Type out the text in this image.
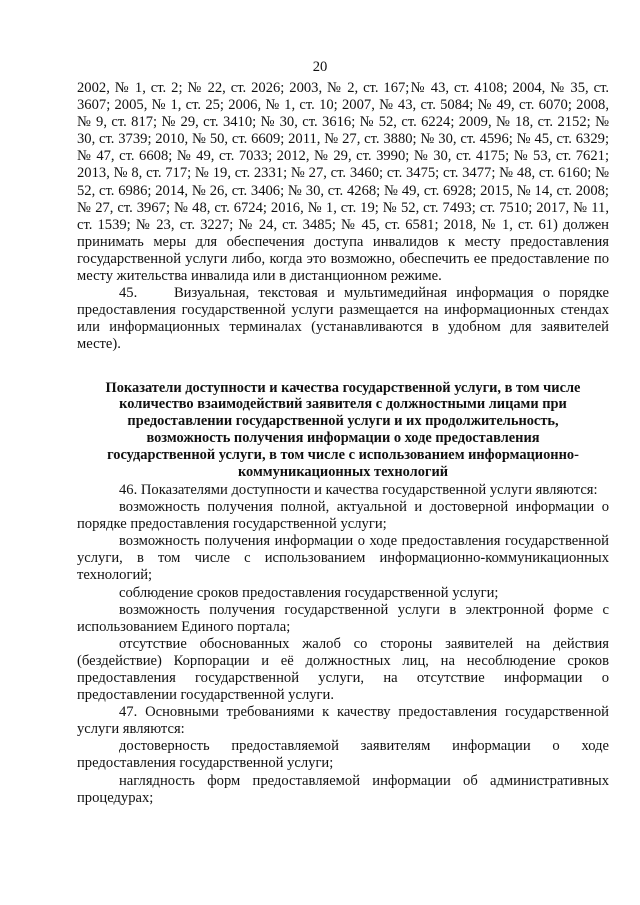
20

2002, № 1, ст. 2; № 22, ст. 2026; 2003, № 2, ст. 167;№ 43, ст. 4108; 2004, № 35, ст. 3607; 2005, № 1, ст. 25; 2006, № 1, ст. 10; 2007, № 43, ст. 5084; № 49, ст. 6070; 2008, № 9, ст. 817; № 29, ст. 3410; № 30, ст. 3616; № 52, ст. 6224; 2009, № 18, ст. 2152; № 30, ст. 3739; 2010, № 50, ст. 6609; 2011, № 27, ст. 3880; № 30, ст. 4596; № 45, ст. 6329; № 47, ст. 6608; № 49, ст. 7033; 2012, № 29, ст. 3990; № 30, ст. 4175; № 53, ст. 7621; 2013, № 8, ст. 717; № 19, ст. 2331; № 27, ст. 3460; ст. 3475; ст. 3477; № 48, ст. 6160; № 52, ст. 6986; 2014, № 26, ст. 3406; № 30, ст. 4268; № 49, ст. 6928; 2015, № 14, ст. 2008; № 27, ст. 3967; № 48, ст. 6724; 2016, № 1, ст. 19; № 52, ст. 7493; ст. 7510; 2017, № 11, ст. 1539; № 23, ст. 3227; № 24, ст. 3485; № 45, ст. 6581; 2018, № 1, ст. 61) должен принимать меры для обеспечения доступа инвалидов к месту предоставления государственной услуги либо, когда это возможно, обеспечить ее предоставление по месту жительства инвалида или в дистанционном режиме.

45.    Визуальная, текстовая и мультимедийная информация о порядке предоставления государственной услуги размещается на информационных стендах или информационных терминалах (устанавливаются в удобном для заявителей месте).

Показатели доступности и качества государственной услуги, в том числе
количество взаимодействий заявителя с должностными лицами при
предоставлении государственной услуги и их продолжительность,
возможность получения информации о ходе предоставления
государственной услуги, в том числе с использованием информационно-
коммуникационных технологий

46. Показателями доступности и качества государственной услуги являются:

возможность получения полной, актуальной и достоверной информации о порядке предоставления государственной услуги;

возможность получения информации о ходе предоставления государственной услуги, в том числе с использованием информационно-коммуникационных технологий;

соблюдение сроков предоставления государственной услуги;

возможность получения государственной услуги в электронной форме с использованием Единого портала;

отсутствие обоснованных жалоб со стороны заявителей на действия (бездействие) Корпорации и её должностных лиц, на несоблюдение сроков предоставления государственной услуги, на отсутствие информации о предоставлении государственной услуги.

47. Основными требованиями к качеству предоставления государственной услуги являются:

достоверность предоставляемой заявителям информации о ходе предоставления государственной услуги;

наглядность форм предоставляемой информации об административных процедурах;
